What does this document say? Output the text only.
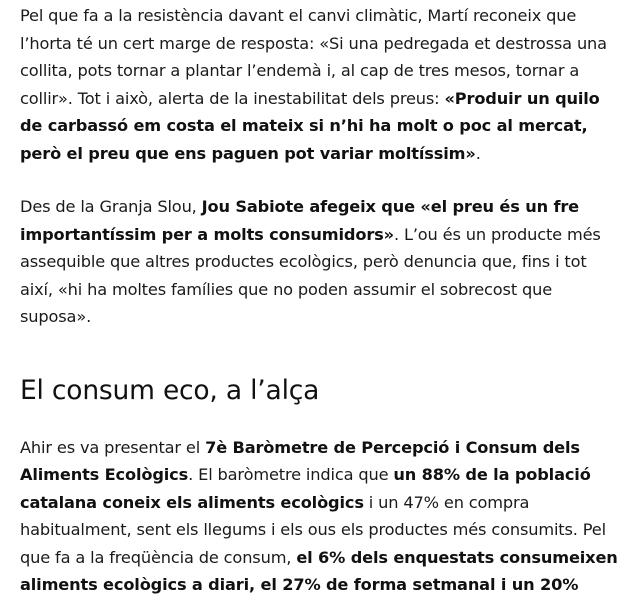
Pel que fa a la resistència davant el canvi climàtic, Martí reconeix que l’horta té un cert marge de resposta: «Si una pedregada et destrossa una collita, pots tornar a plantar l’endemà i, al cap de tres mesos, tornar a collir». Tot i això, alerta de la inestabilitat dels preus: «Produir un quilo de carbassó em costa el mateix si n’hi ha molt o poc al mercat, però el preu que ens paguen pot variar moltíssim».

Des de la Granja Slou, Jou Sabiote afegeix que «el preu és un fre importantíssim per a molts consumidors». L’ou és un producte més assequible que altres productes ecològics, però denuncia que, fins i tot així, «hi ha moltes famílies que no poden assumir el sobrecost que suposa».

El consum eco, a l’alça

Ahir es va presentar el 7è Baròmetre de Percepció i Consum dels Aliments Ecològics. El baròmetre indica que un 88% de la població catalana coneix els aliments ecològics i un 47% en compra habitualment, sent els llegums i els ous els productes més consumits. Pel que fa a la freqüència de consum, el 6% dels enquestats consumeixen aliments ecològics a diari, el 27% de forma setmanal i un 20%
